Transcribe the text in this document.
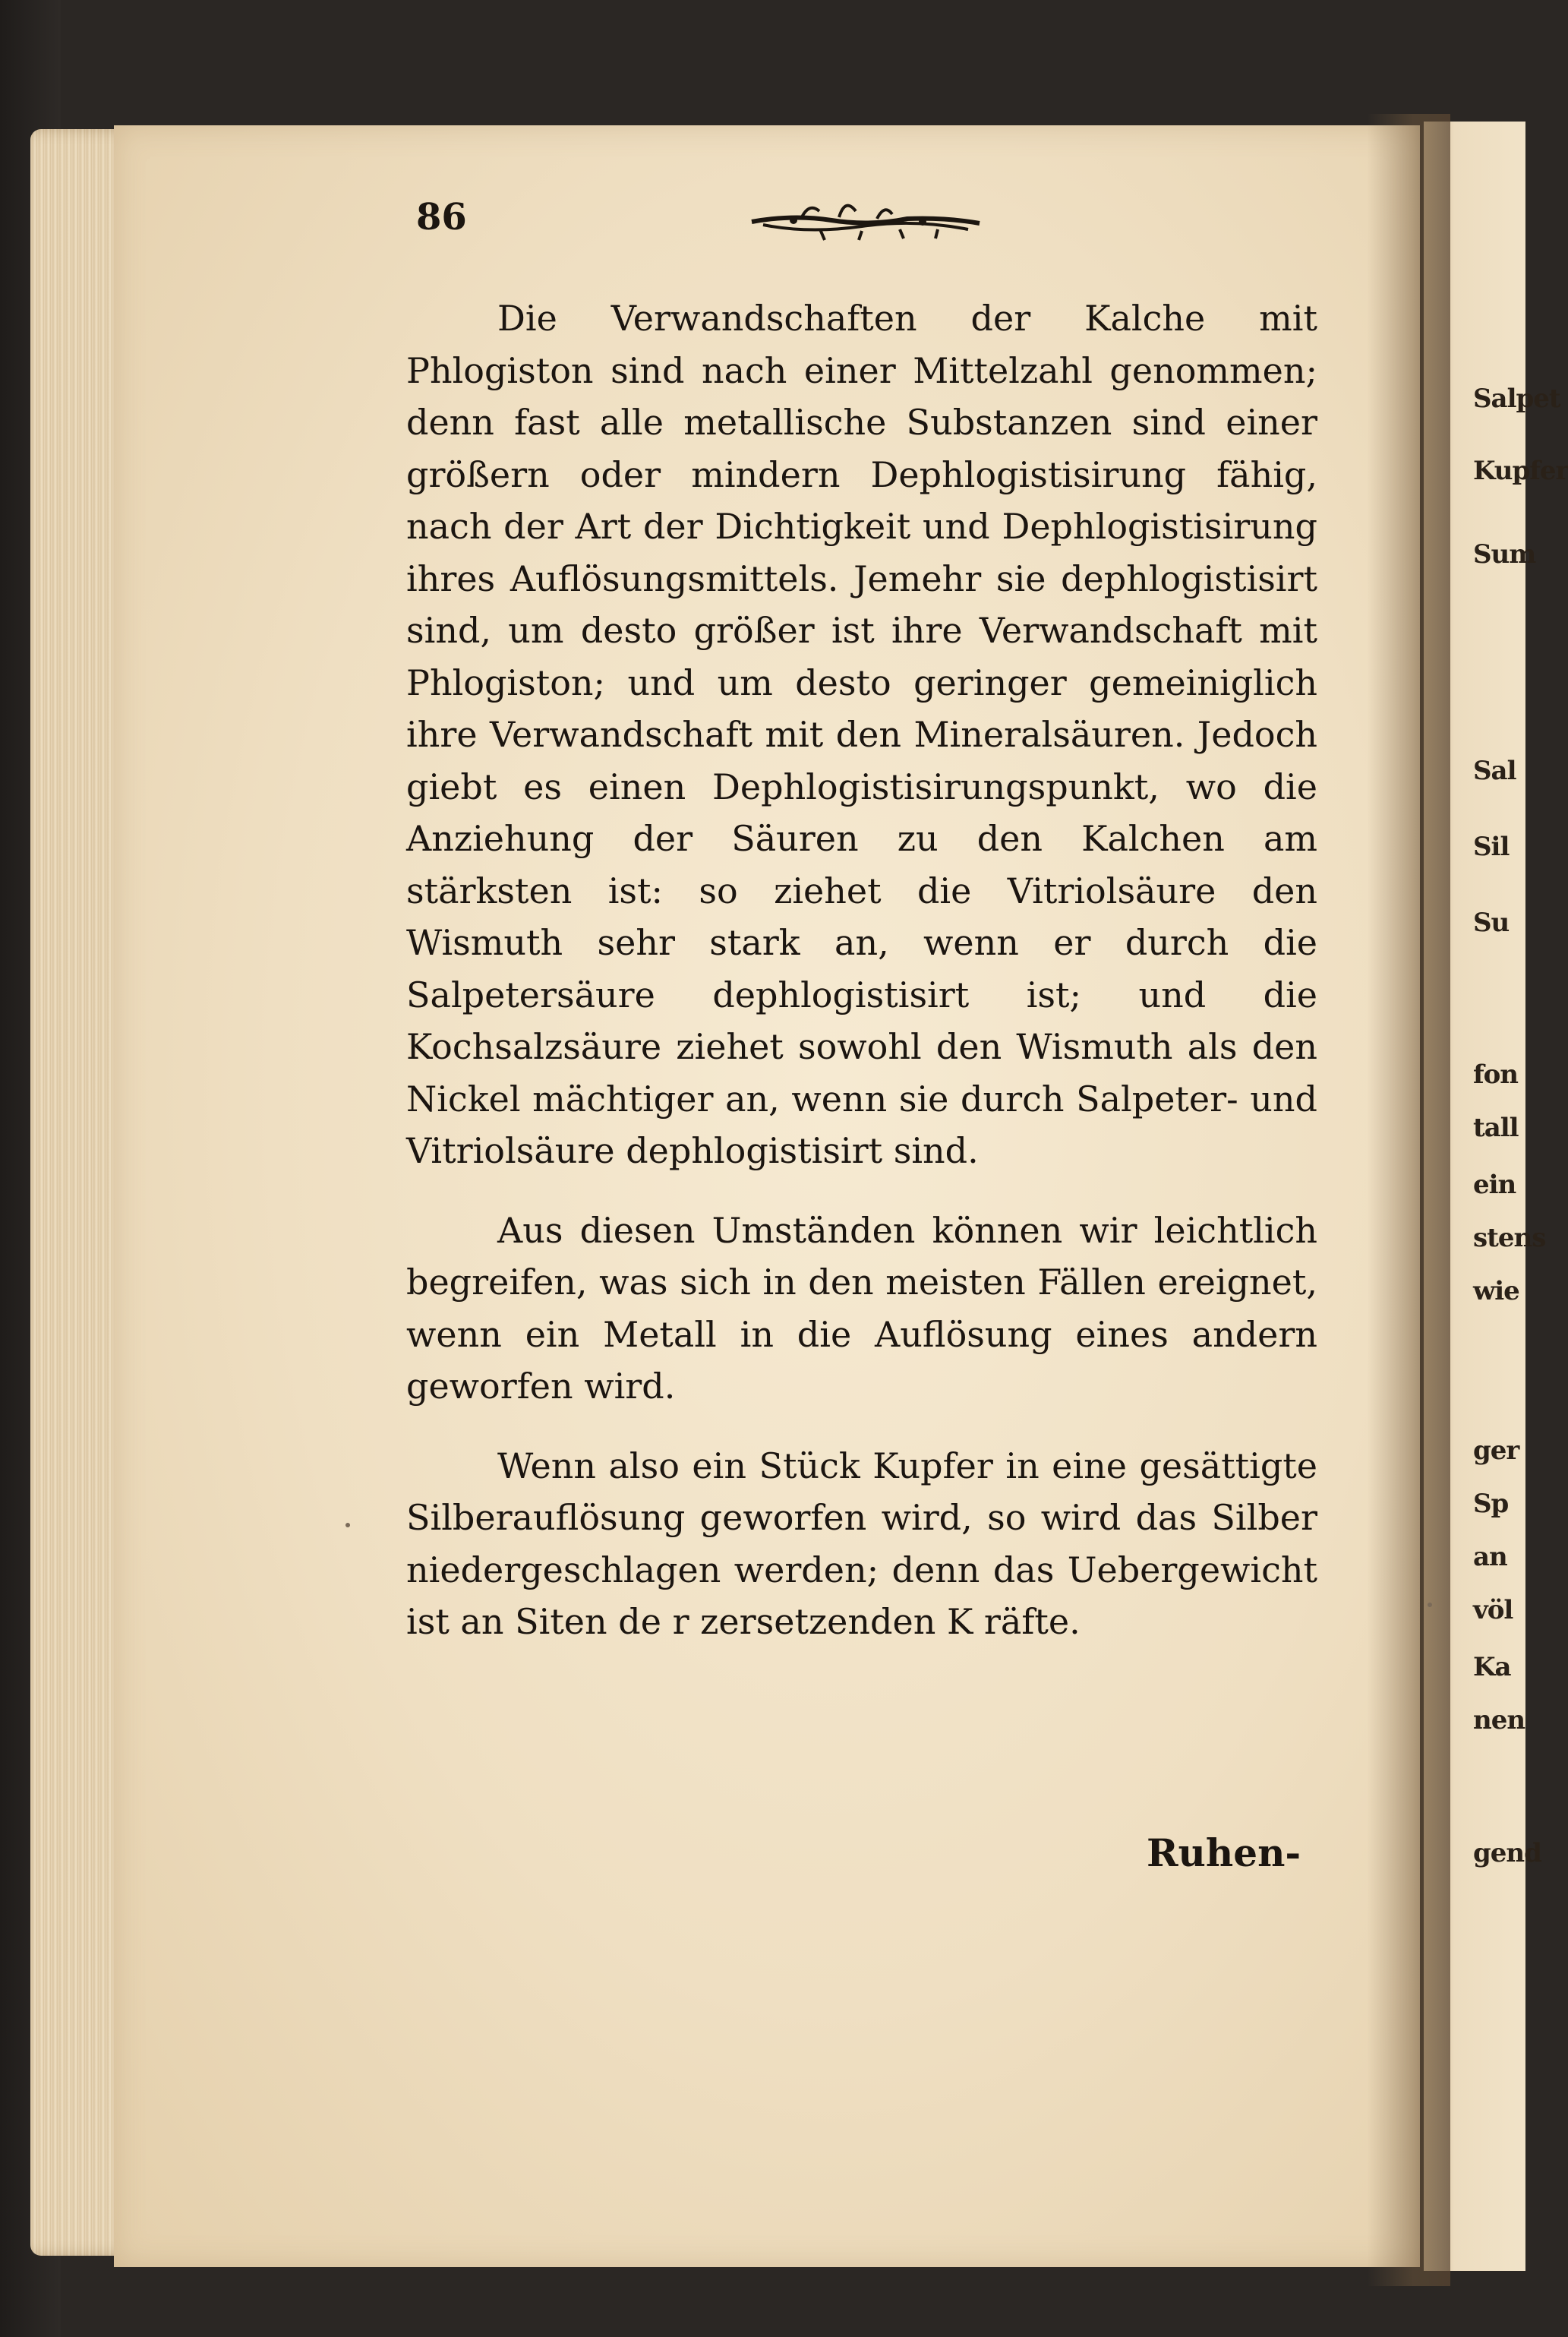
Salpet
Kupfer
Sum
Sal
Sil
Su
fon
tall
ein
stens
wie
ger
Sp
an
völ
Ka
nen
gend
86

Die Verwandschaften der Kalche mit Phlogiston sind nach einer Mittelzahl genommen; denn fast alle metallische Substanzen sind einer größern oder mindern Dephlogistisirung fähig, nach der Art der Dichtigkeit und Dephlogistisirung ihres Auflösungsmittels. Jemehr sie dephlogistisirt sind, um desto größer ist ihre Verwandschaft mit Phlogiston; und um desto geringer gemeiniglich ihre Verwandschaft mit den Mineralsäuren. Jedoch giebt es einen Dephlogistisirungspunkt, wo die Anziehung der Säuren zu den Kalchen am stärksten ist: so ziehet die Vitriolsäure den Wismuth sehr stark an, wenn er durch die Salpetersäure dephlogistisirt ist; und die Kochsalzsäure ziehet sowohl den Wismuth als den Nickel mächtiger an, wenn sie durch Salpeter- und Vitriolsäure dephlogistisirt sind.

Aus diesen Umständen können wir leichtlich begreifen, was sich in den meisten Fällen ereignet, wenn ein Metall in die Auflösung eines andern geworfen wird.

Wenn also ein Stück Kupfer in eine gesättigte Silberauflösung geworfen wird, so wird das Silber niedergeschlagen werden; denn das Uebergewicht ist an Siten de r zersetzenden K räfte.

Ruhen-
